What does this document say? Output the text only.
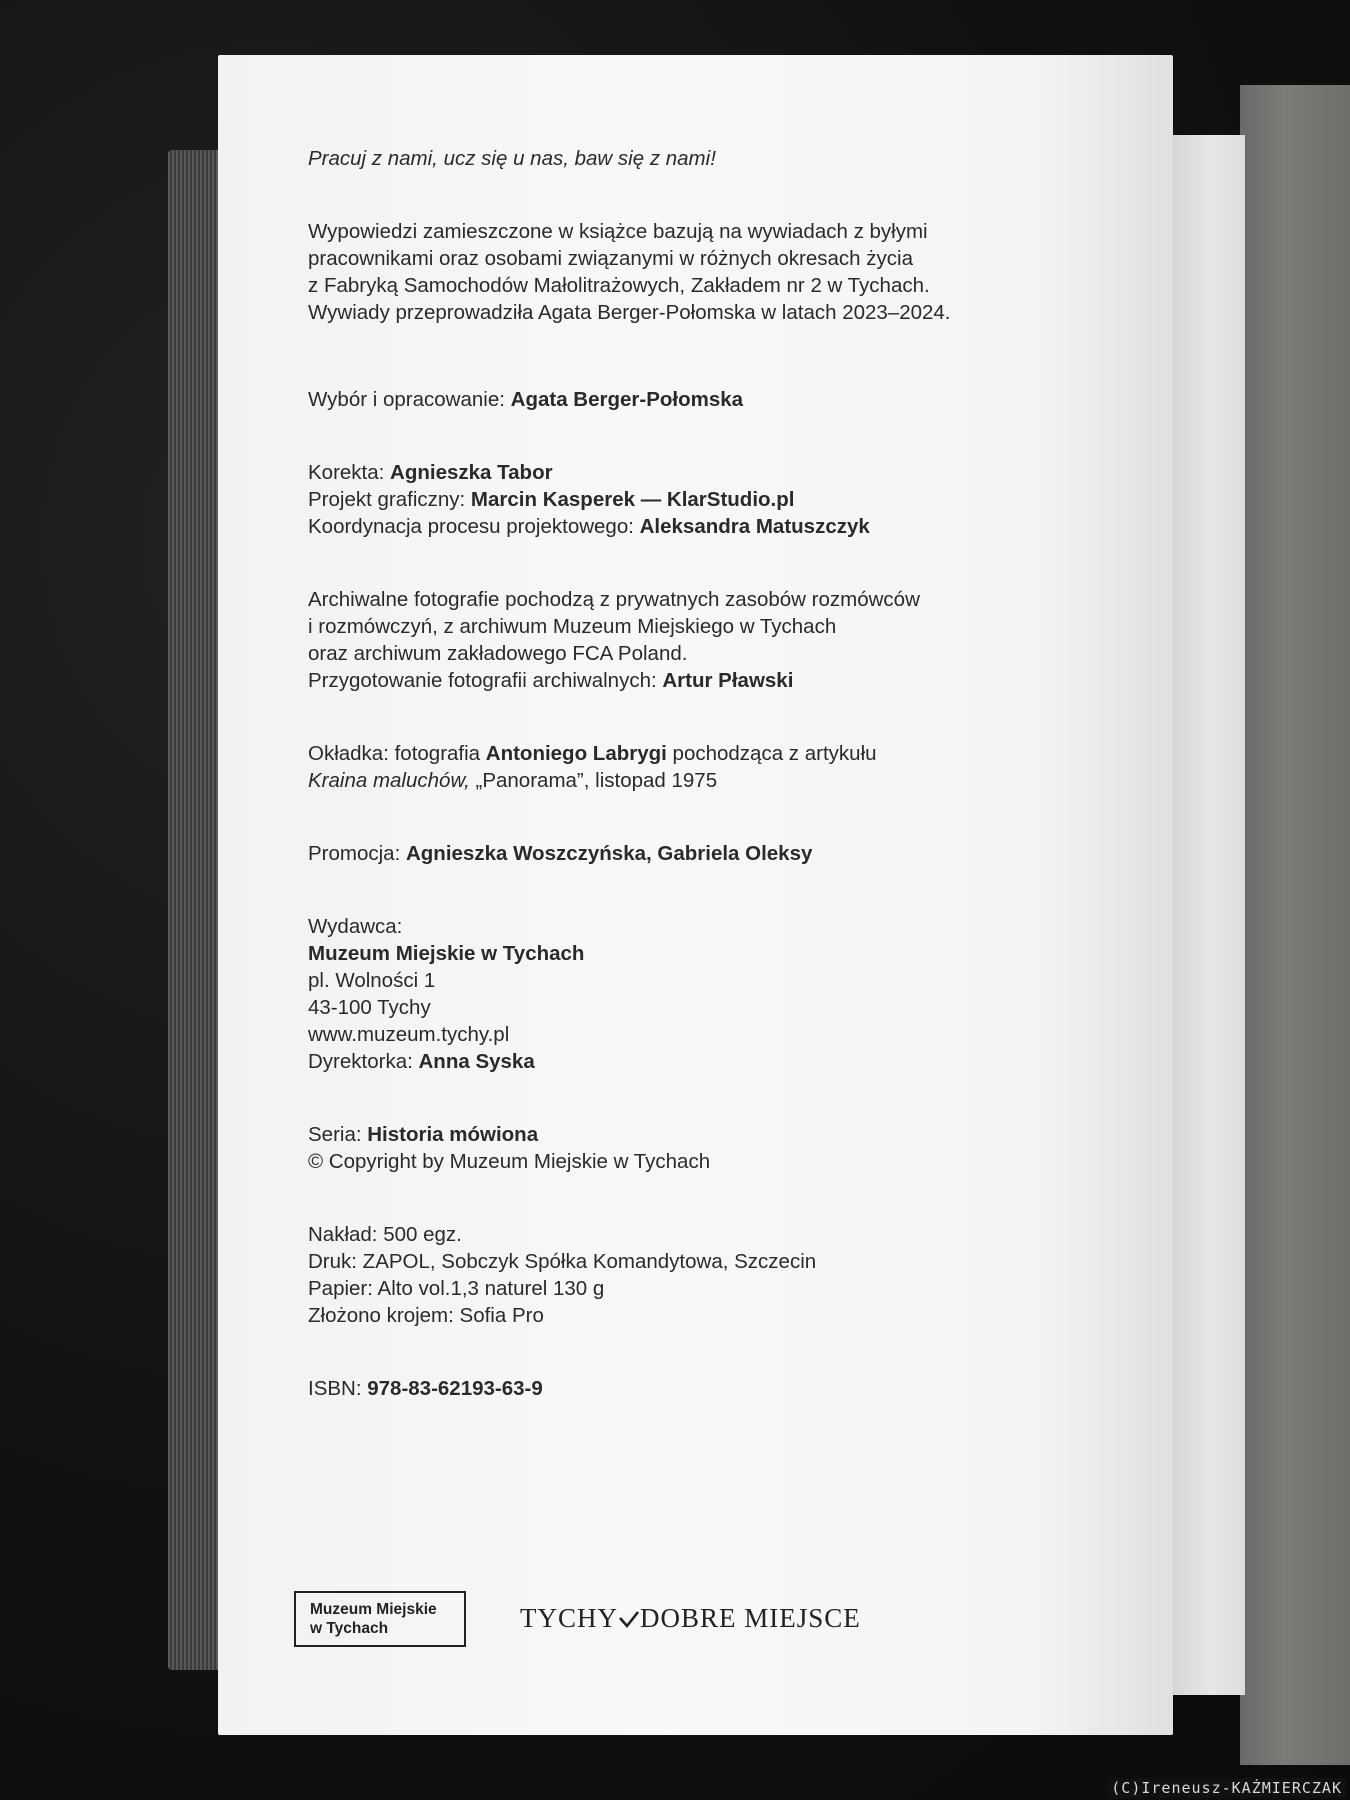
Pracuj z nami, ucz się u nas, baw się z nami!

Wypowiedzi zamieszczone w książce bazują na wywiadach z byłymi

pracownikami oraz osobami związanymi w różnych okresach życia

z Fabryką Samochodów Małolitrażowych, Zakładem nr 2 w Tychach.

Wywiady przeprowadziła Agata Berger-Połomska w latach 2023–2024.

Wybór i opracowanie: Agata Berger-Połomska

Korekta: Agnieszka Tabor

Projekt graficzny: Marcin Kasperek — KlarStudio.pl

Koordynacja procesu projektowego: Aleksandra Matuszczyk

Archiwalne fotografie pochodzą z prywatnych zasobów rozmówców

i rozmówczyń, z archiwum Muzeum Miejskiego w Tychach

oraz archiwum zakładowego FCA Poland.

Przygotowanie fotografii archiwalnych: Artur Pławski

Okładka: fotografia Antoniego Labrygi pochodząca z artykułu

Kraina maluchów, „Panorama”, listopad 1975

Promocja: Agnieszka Woszczyńska, Gabriela Oleksy

Wydawca:

Muzeum Miejskie w Tychach

pl. Wolności 1

43-100 Tychy

www.muzeum.tychy.pl

Dyrektorka: Anna Syska

Seria: Historia mówiona

© Copyright by Muzeum Miejskie w Tychach

Nakład: 500 egz.

Druk: ZAPOL, Sobczyk Spółka Komandytowa, Szczecin

Papier: Alto vol.1,3 naturel 130 g

Złożono krojem: Sofia Pro

ISBN: 978-83-62193-63-9

Muzeum Miejskie
w Tychach	TYCHY DOBRE MIEJSCE
(C)Ireneusz-KAŹMIERCZAK
